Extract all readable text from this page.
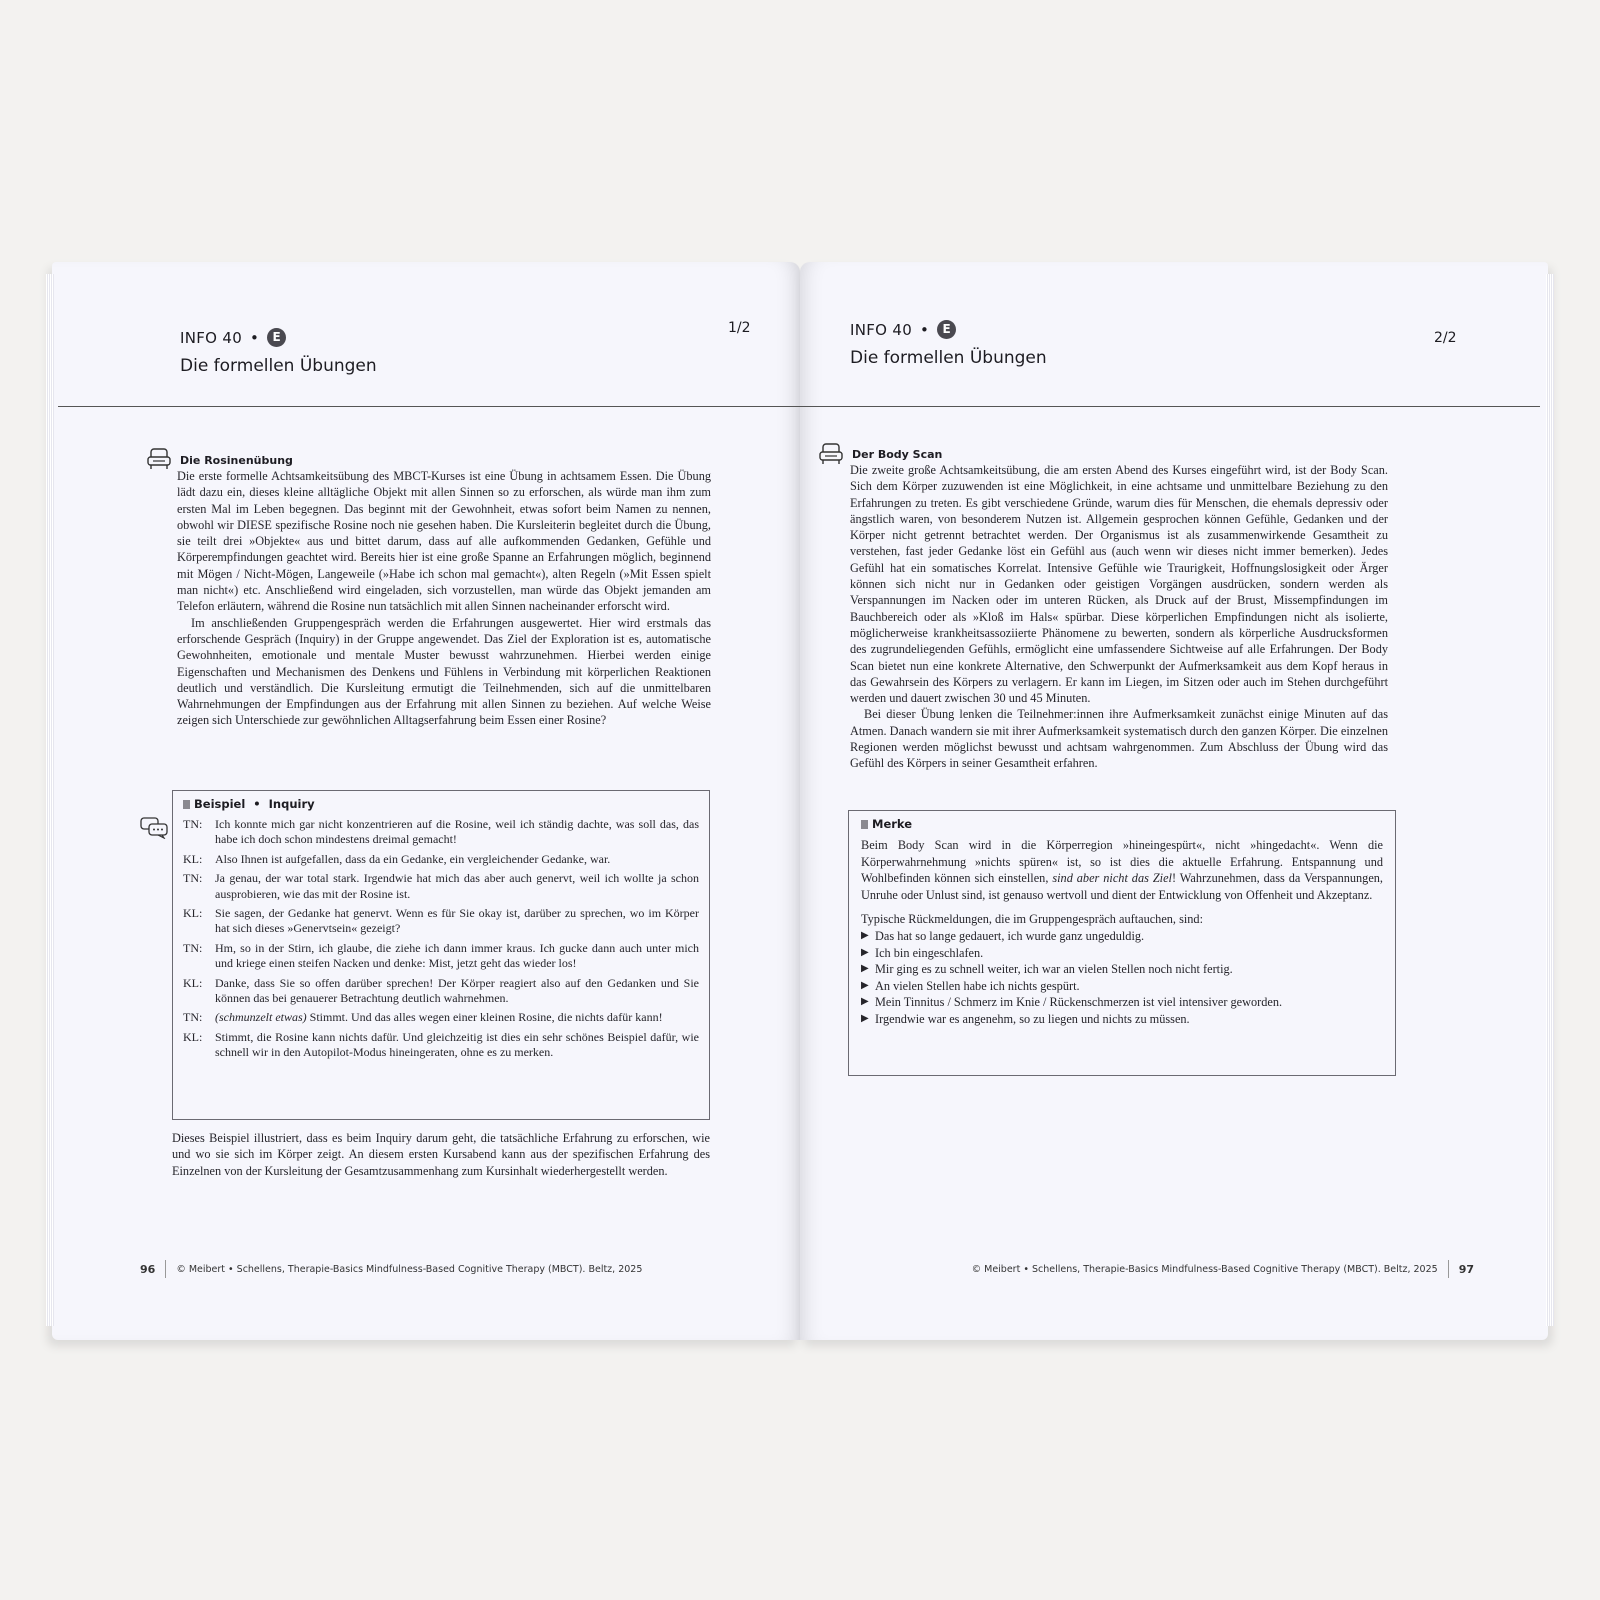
INFO 40 •	E
Die formellen Übungen
1/2
Die Rosinenübung

Die erste formelle Achtsamkeitsübung des MBCT-Kurses ist eine Übung in achtsamem Essen. Die Übung lädt dazu ein, dieses kleine alltägliche Objekt mit allen Sinnen so zu erforschen, als würde man ihm zum ersten Mal im Leben begegnen. Das beginnt mit der Gewohnheit, etwas sofort beim Namen zu nennen, obwohl wir DIESE spezifische Rosine noch nie gesehen haben. Die Kursleiterin begleitet durch die Übung, sie teilt drei »Objekte« aus und bittet darum, dass auf alle aufkommenden Gedanken, Gefühle und Körperempfindungen geachtet wird. Bereits hier ist eine große Spanne an Erfahrungen möglich, beginnend mit Mögen / Nicht-Mögen, Langeweile (»Habe ich schon mal gemacht«), alten Regeln (»Mit Essen spielt man nicht«) etc. Anschließend wird eingeladen, sich vorzustellen, man würde das Objekt jemanden am Telefon erläutern, während die Rosine nun tatsächlich mit allen Sinnen nacheinander erforscht wird.

Im anschließenden Gruppengespräch werden die Erfahrungen ausgewertet. Hier wird erstmals das erforschende Gespräch (Inquiry) in der Gruppe angewendet. Das Ziel der Exploration ist es, automatische Gewohnheiten, emotionale und mentale Muster bewusst wahrzunehmen. Hierbei werden einige Eigenschaften und Mechanismen des Denkens und Fühlens in Verbindung mit körperlichen Reaktionen deutlich und verständlich. Die Kursleitung ermutigt die Teilnehmenden, sich auf die unmittelbaren Wahrnehmungen der Empfindungen aus der Erfahrung mit allen Sinnen zu beziehen. Auf welche Weise zeigen sich Unterschiede zur gewöhnlichen Alltagserfahrung beim Essen einer Rosine?

Beispiel • Inquiry
TN:	Ich konnte mich gar nicht konzentrieren auf die Rosine, weil ich ständig dachte, was soll das, das habe ich doch schon mindestens dreimal gemacht!
KL:	Also Ihnen ist aufgefallen, dass da ein Gedanke, ein vergleichender Gedanke, war.
TN:	Ja genau, der war total stark. Irgendwie hat mich das aber auch genervt, weil ich wollte ja schon ausprobieren, wie das mit der Rosine ist.
KL:	Sie sagen, der Gedanke hat genervt. Wenn es für Sie okay ist, darüber zu sprechen, wo im Körper hat sich dieses »Genervtsein« gezeigt?
TN:	Hm, so in der Stirn, ich glaube, die ziehe ich dann immer kraus. Ich gucke dann auch unter mich und kriege einen steifen Nacken und denke: Mist, jetzt geht das wieder los!
KL:	Danke, dass Sie so offen darüber sprechen! Der Körper reagiert also auf den Gedanken und Sie können das bei genauerer Betrachtung deutlich wahrnehmen.
TN:	(schmunzelt etwas) Stimmt. Und das alles wegen einer kleinen Rosine, die nichts dafür kann!
KL:	Stimmt, die Rosine kann nichts dafür. Und gleichzeitig ist dies ein sehr schönes Beispiel dafür, wie schnell wir in den Autopilot-Modus hineingeraten, ohne es zu merken.

Dieses Beispiel illustriert, dass es beim Inquiry darum geht, die tatsächliche Erfahrung zu erforschen, wie und wo sie sich im Körper zeigt. An diesem ersten Kursabend kann aus der spezifischen Erfahrung des Einzelnen von der Kursleitung der Gesamtzusammenhang zum Kursinhalt wiederhergestellt werden.

96 © Meibert • Schellens, Therapie-Basics Mindfulness-Based Cognitive Therapy (MBCT). Beltz, 2025
INFO 40 •	E
Die formellen Übungen
2/2
Der Body Scan

Die zweite große Achtsamkeitsübung, die am ersten Abend des Kurses eingeführt wird, ist der Body Scan. Sich dem Körper zuzuwenden ist eine Möglichkeit, in eine achtsame und unmittelbare Beziehung zu den Erfahrungen zu treten. Es gibt verschiedene Gründe, warum dies für Menschen, die ehemals depressiv oder ängstlich waren, von besonderem Nutzen ist. Allgemein gesprochen können Gefühle, Gedanken und der Körper nicht getrennt betrachtet werden. Der Organismus ist als zusammenwirkende Gesamtheit zu verstehen, fast jeder Gedanke löst ein Gefühl aus (auch wenn wir dieses nicht immer bemerken). Jedes Gefühl hat ein somatisches Korrelat. Intensive Gefühle wie Traurigkeit, Hoffnungslosigkeit oder Ärger können sich nicht nur in Gedanken oder geistigen Vorgängen ausdrücken, sondern werden als Verspannungen im Nacken oder im unteren Rücken, als Druck auf der Brust, Missempfindungen im Bauchbereich oder als »Kloß im Hals« spürbar. Diese körperlichen Empfindungen nicht als isolierte, möglicherweise krankheitsassoziierte Phänomene zu bewerten, sondern als körperliche Ausdrucksformen des zugrundeliegenden Gefühls, ermöglicht eine umfassendere Sichtweise auf alle Erfahrungen. Der Body Scan bietet nun eine konkrete Alternative, den Schwerpunkt der Aufmerksamkeit aus dem Kopf heraus in das Gewahrsein des Körpers zu verlagern. Er kann im Liegen, im Sitzen oder auch im Stehen durchgeführt werden und dauert zwischen 30 und 45 Minuten.

Bei dieser Übung lenken die Teilnehmer:innen ihre Aufmerksamkeit zunächst einige Minuten auf das Atmen. Danach wandern sie mit ihrer Aufmerksamkeit systematisch durch den ganzen Körper. Die einzelnen Regionen werden möglichst bewusst und achtsam wahrgenommen. Zum Abschluss der Übung wird das Gefühl des Körpers in seiner Gesamtheit erfahren.

Merke

Beim Body Scan wird in die Körperregion »hineingespürt«, nicht »hingedacht«. Wenn die Körperwahrnehmung »nichts spüren« ist, so ist dies die aktuelle Erfahrung. Entspannung und Wohlbefinden können sich einstellen, sind aber nicht das Ziel! Wahrzunehmen, dass da Verspannungen, Unruhe oder Unlust sind, ist genauso wertvoll und dient der Entwicklung von Offenheit und Akzeptanz.

Typische Rückmeldungen, die im Gruppengespräch auftauchen, sind:

▶ Das hat so lange gedauert, ich wurde ganz ungeduldig.
▶ Ich bin eingeschlafen.
▶ Mir ging es zu schnell weiter, ich war an vielen Stellen noch nicht fertig.
▶ An vielen Stellen habe ich nichts gespürt.
▶ Mein Tinnitus / Schmerz im Knie / Rückenschmerzen ist viel intensiver geworden.
▶ Irgendwie war es angenehm, so zu liegen und nichts zu müssen.
© Meibert • Schellens, Therapie-Basics Mindfulness-Based Cognitive Therapy (MBCT). Beltz, 2025 97
